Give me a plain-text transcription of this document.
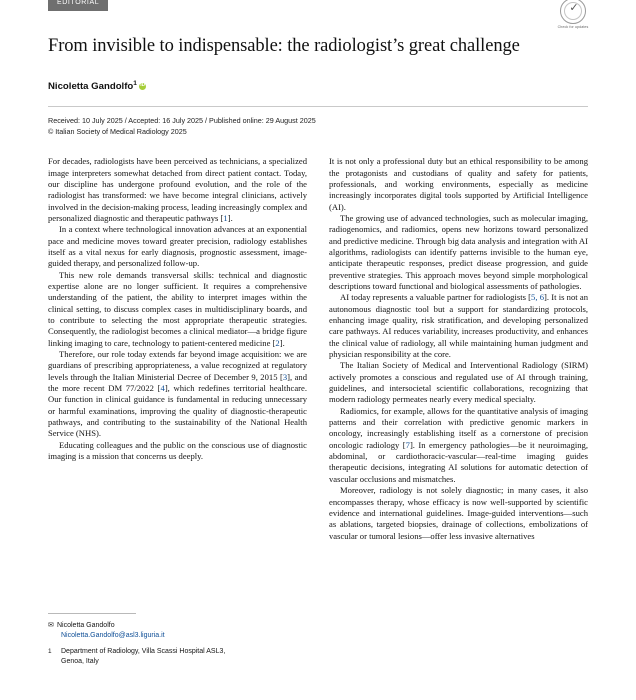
EDITORIAL	✓
Check for updates
From invisible to indispensable: the radiologist’s great challenge
Nicoletta Gandolfo$^1$iD
Received: 10 July 2025 / Accepted: 16 July 2025 / Published online: 29 August 2025
© Italian Society of Medical Radiology 2025

For decades, radiologists have been perceived as technicians, a specialized image interpreters somewhat detached from direct patient contact. Today, our discipline has undergone profound evolution, and the role of the radiologist has transformed: we have become integral clinicians, actively involved in the decision-making process, leading increasingly complex and personalized diagnostic and therapeutic pathways [1].

In a context where technological innovation advances at an exponential pace and medicine moves toward greater precision, radiology establishes itself as a vital nexus for early diagnosis, prognostic assessment, image-guided therapy, and personalized follow-up.

This new role demands transversal skills: technical and diagnostic expertise alone are no longer sufficient. It requires a comprehensive understanding of the patient, the ability to interpret images within the clinical setting, to discuss complex cases in multidisciplinary boards, and to contribute to selecting the most appropriate therapeutic strategies. Consequently, the radiologist becomes a clinical mediator—a bridge figure linking imaging to care, technology to patient-centered medicine [2].

Therefore, our role today extends far beyond image acquisition: we are guardians of prescribing appropriateness, a value recognized at regulatory levels through the Italian Ministerial Decree of December 9, 2015 [3], and the more recent DM 77/2022 [4], which redefines territorial healthcare. Our function in clinical guidance is fundamental in reducing unnecessary or harmful examinations, improving the quality of diagnostic-therapeutic pathways, and contributing to the sustainability of the National Health Service (NHS).

Educating colleagues and the public on the conscious use of diagnostic imaging is a mission that concerns us deeply.

It is not only a professional duty but an ethical responsibility to be among the protagonists and custodians of quality and safety for patients, professionals, and working environments, especially as medicine increasingly incorporates digital tools supported by Artificial Intelligence (AI).

The growing use of advanced technologies, such as molecular imaging, radiogenomics, and radiomics, opens new horizons toward personalized and predictive medicine. Through big data analysis and integration with AI algorithms, radiologists can identify patterns invisible to the human eye, anticipate therapeutic responses, predict disease progression, and guide preventive strategies. This approach moves beyond simple morphological descriptions toward functional and biological assessments of pathologies.

AI today represents a valuable partner for radiologists [5, 6]. It is not an autonomous diagnostic tool but a support for standardizing protocols, enhancing image quality, risk stratification, and developing personalized care pathways. AI reduces variability, increases productivity, and enhances the clinical value of radiology, all while maintaining human judgment and physician responsibility at the core.

The Italian Society of Medical and Interventional Radiology (SIRM) actively promotes a conscious and regulated use of AI through training, guidelines, and intersocietal scientific collaborations, recognizing that modern radiology permeates nearly every medical specialty.

Radiomics, for example, allows for the quantitative analysis of imaging patterns and their correlation with predictive genomic markers in oncology, increasingly establishing itself as a cornerstone of precision oncologic radiology [7]. In emergency pathologies—be it neuroimaging, abdominal, or cardiothoracic-vascular—real-time imaging guides therapeutic decisions, integrating AI solutions for automatic detection of vascular occlusions and mismatches.

Moreover, radiology is not solely diagnostic; in many cases, it also encompasses therapy, whose efficacy is now well-supported by scientific evidence and international guidelines. Image-guided interventions—such as ablations, targeted biopsies, drainage of collections, embolizations of vascular or tumoral lesions—offer less invasive alternatives

✉ Nicoletta Gandolfo
Nicoletta.Gandolfo@asl3.liguria.it
1 Department of Radiology, Villa Scassi Hospital ASL3,
Genoa, Italy
